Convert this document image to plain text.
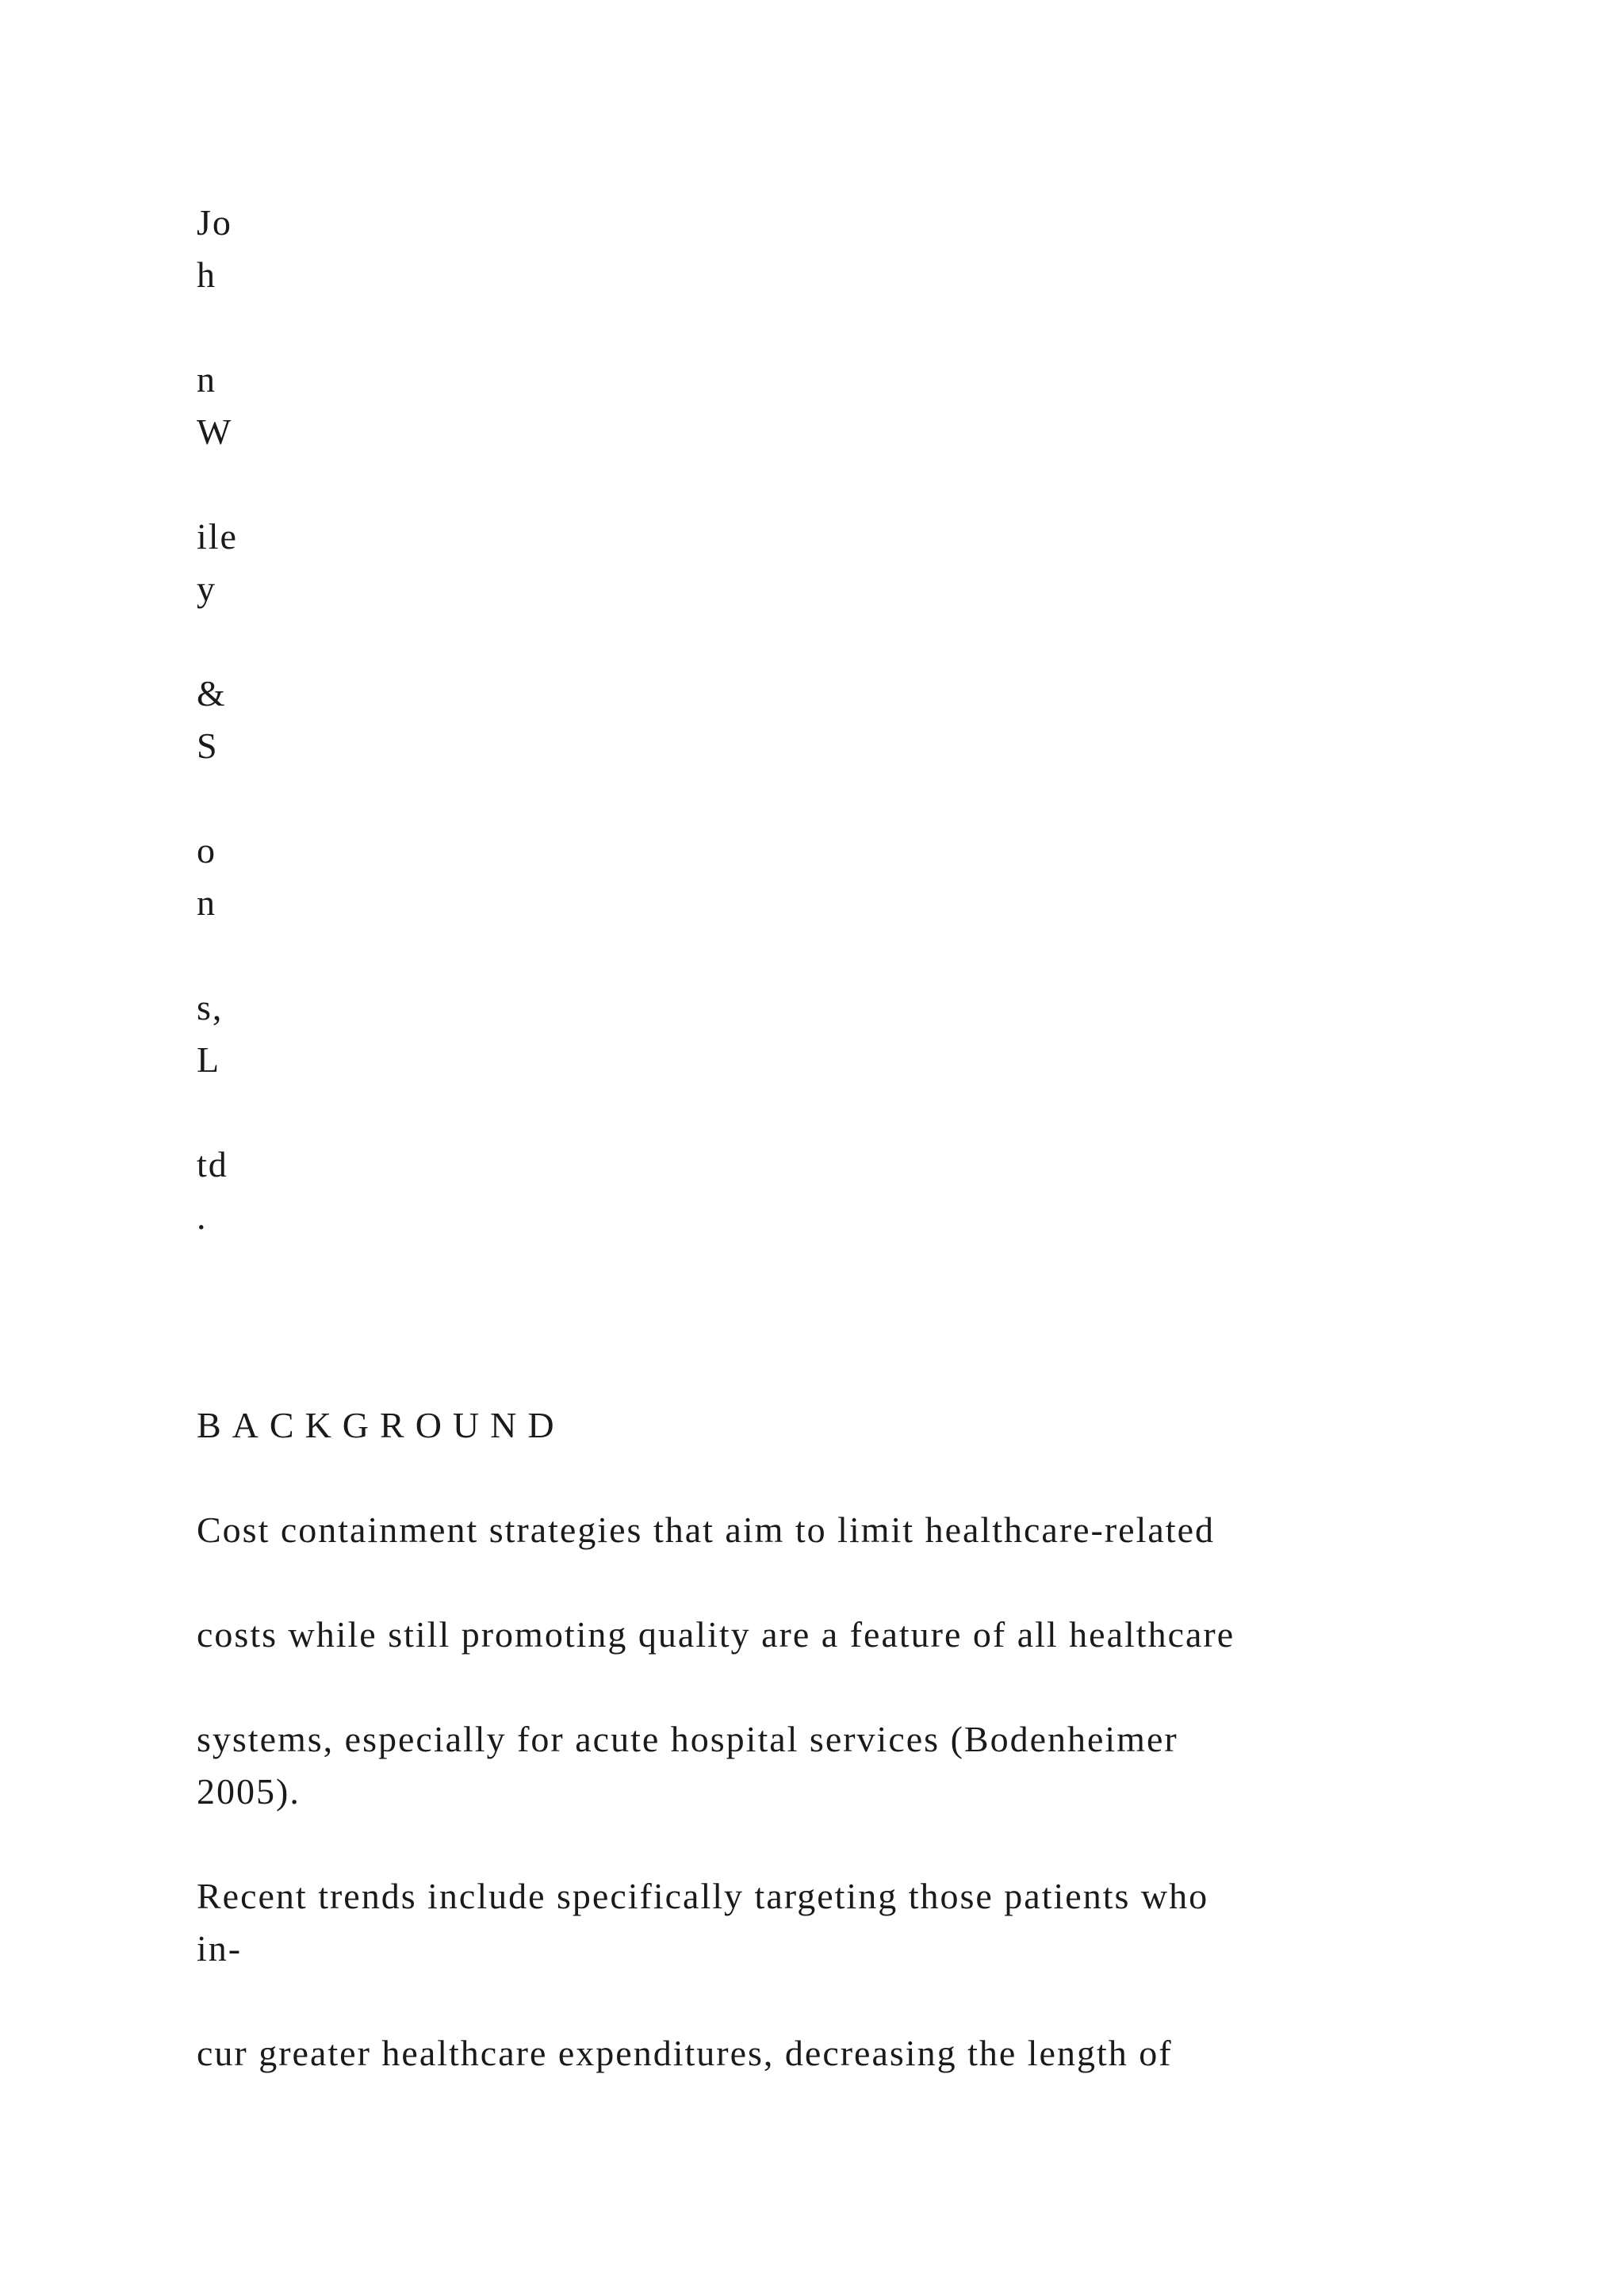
Jo
h
n
W
ile
y
&
S
o
n
s,
L
td
.
BACKGROUND
Cost containment strategies that aim to limit healthcare-related
costs while still promoting quality are a feature of all healthcare
systems, especially for acute hospital services (Bodenheimer
2005).
Recent trends include specifically targeting those patients who
in-
cur greater healthcare expenditures, decreasing the length of
